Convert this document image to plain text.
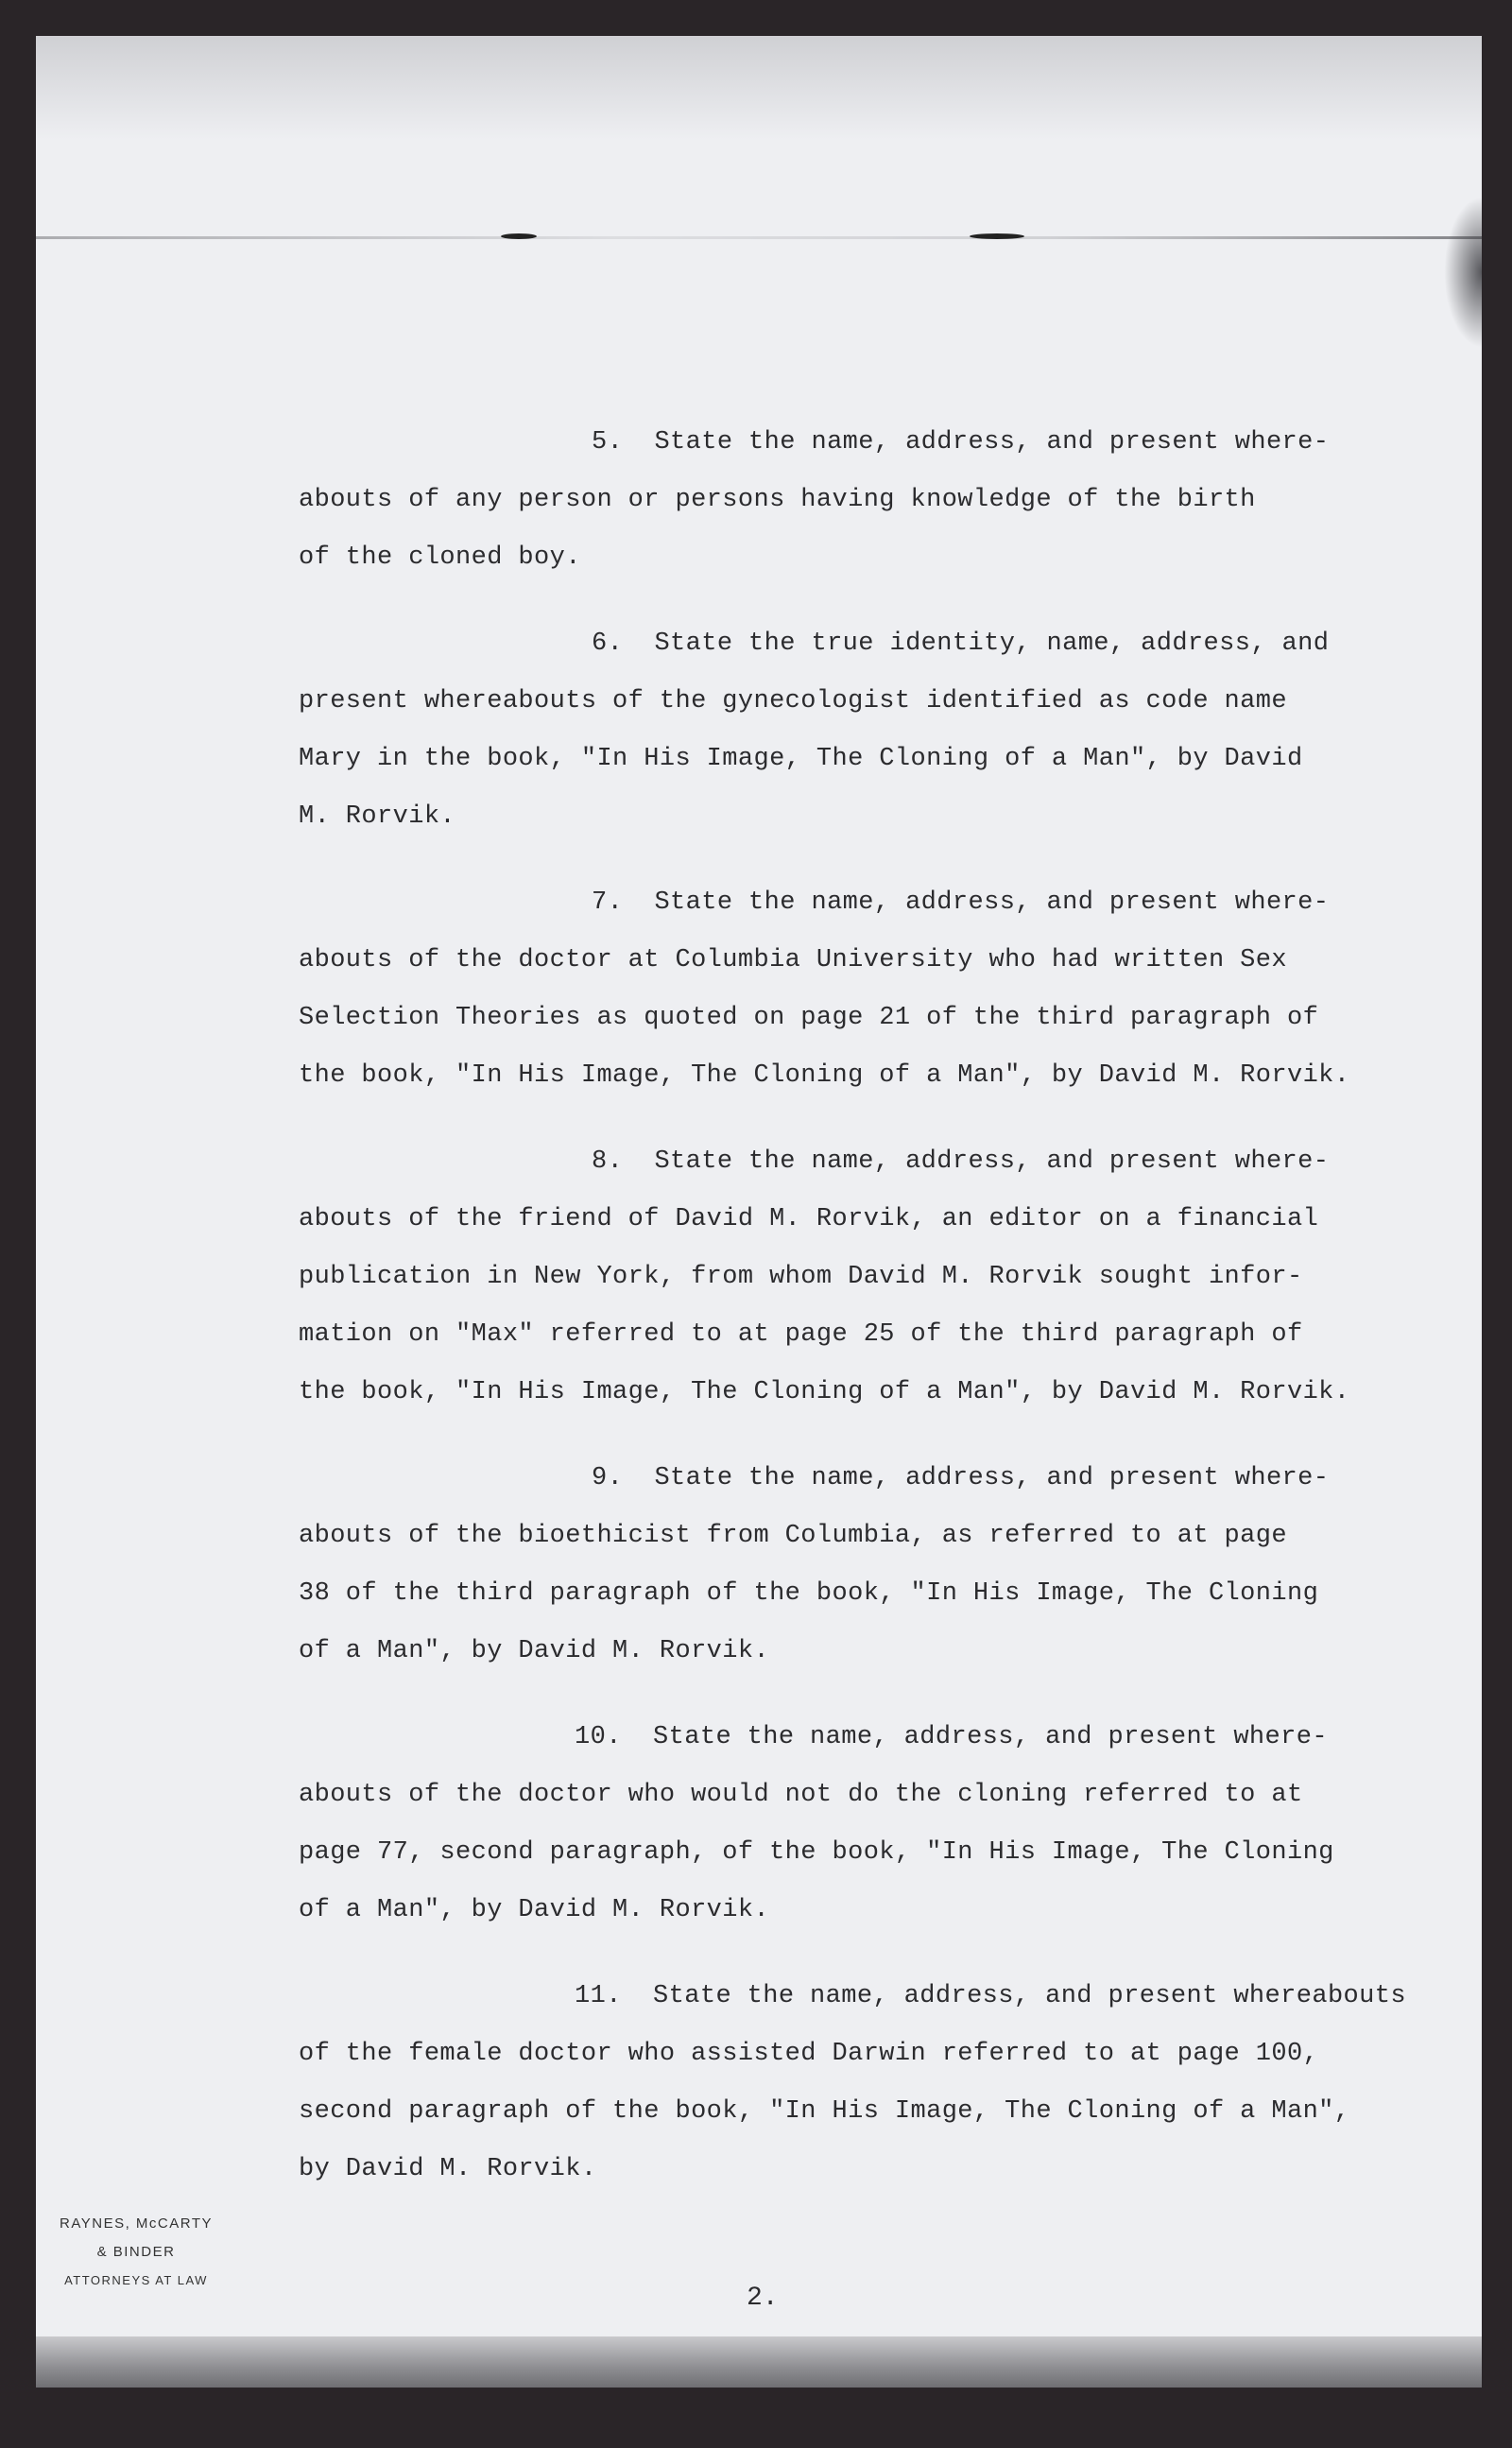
5. State the name, address, and present where-
abouts of any person or persons having knowledge of the birth
of the cloned boy.
6. State the true identity, name, address, and
present whereabouts of the gynecologist identified as code name
Mary in the book, "In His Image, The Cloning of a Man", by David
M. Rorvik.
7. State the name, address, and present where-
abouts of the doctor at Columbia University who had written Sex
Selection Theories as quoted on page 21 of the third paragraph of
the book, "In His Image, The Cloning of a Man", by David M. Rorvik.
8. State the name, address, and present where-
abouts of the friend of David M. Rorvik, an editor on a financial
publication in New York, from whom David M. Rorvik sought infor-
mation on "Max" referred to at page 25 of the third paragraph of
the book, "In His Image, The Cloning of a Man", by David M. Rorvik.
9. State the name, address, and present where-
abouts of the bioethicist from Columbia, as referred to at page
38 of the third paragraph of the book, "In His Image, The Cloning
of a Man", by David M. Rorvik.
10. State the name, address, and present where-
abouts of the doctor who would not do the cloning referred to at
page 77, second paragraph, of the book, "In His Image, The Cloning
of a Man", by David M. Rorvik.
11. State the name, address, and present whereabouts
of the female doctor who assisted Darwin referred to at page 100,
second paragraph of the book, "In His Image, The Cloning of a Man",
by David M. Rorvik.
RAYNES, McCARTY
& BINDER
ATTORNEYS AT LAW
2.
